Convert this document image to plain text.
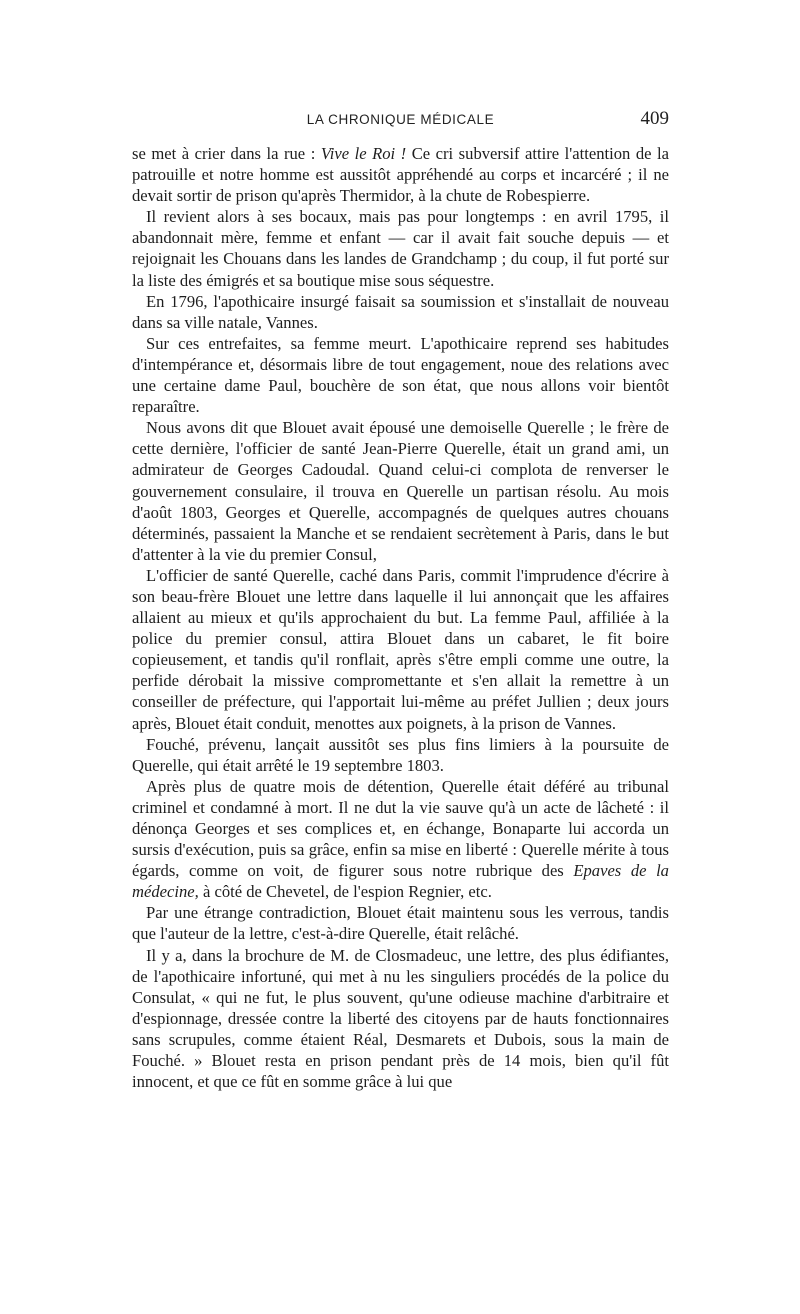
LA CHRONIQUE MÉDICALE	409

se met à crier dans la rue : Vive le Roi ! Ce cri subversif attire l'attention de la patrouille et notre homme est aussitôt appréhendé au corps et incarcéré ; il ne devait sortir de prison qu'après Thermidor, à la chute de Robespierre.

Il revient alors à ses bocaux, mais pas pour longtemps : en avril 1795, il abandonnait mère, femme et enfant — car il avait fait souche depuis — et rejoignait les Chouans dans les landes de Grandchamp ; du coup, il fut porté sur la liste des émigrés et sa boutique mise sous séquestre.

En 1796, l'apothicaire insurgé faisait sa soumission et s'installait de nouveau dans sa ville natale, Vannes.

Sur ces entrefaites, sa femme meurt. L'apothicaire reprend ses habitudes d'intempérance et, désormais libre de tout engagement, noue des relations avec une certaine dame Paul, bouchère de son état, que nous allons voir bientôt reparaître.

Nous avons dit que Blouet avait épousé une demoiselle Querelle ; le frère de cette dernière, l'officier de santé Jean-Pierre Querelle, était un grand ami, un admirateur de Georges Cadoudal. Quand celui-ci complota de renverser le gouvernement consulaire, il trouva en Querelle un partisan résolu. Au mois d'août 1803, Georges et Querelle, accompagnés de quelques autres chouans déterminés, passaient la Manche et se rendaient secrètement à Paris, dans le but d'attenter à la vie du premier Consul,

L'officier de santé Querelle, caché dans Paris, commit l'imprudence d'écrire à son beau-frère Blouet une lettre dans laquelle il lui annonçait que les affaires allaient au mieux et qu'ils approchaient du but. La femme Paul, affiliée à la police du premier consul, attira Blouet dans un cabaret, le fit boire copieusement, et tandis qu'il ronflait, après s'être empli comme une outre, la perfide dérobait la missive compromettante et s'en allait la remettre à un conseiller de préfecture, qui l'apportait lui-même au préfet Jullien ; deux jours après, Blouet était conduit, menottes aux poignets, à la prison de Vannes.

Fouché, prévenu, lançait aussitôt ses plus fins limiers à la poursuite de Querelle, qui était arrêté le 19 septembre 1803.

Après plus de quatre mois de détention, Querelle était déféré au tribunal criminel et condamné à mort. Il ne dut la vie sauve qu'à un acte de lâcheté : il dénonça Georges et ses complices et, en échange, Bonaparte lui accorda un sursis d'exécution, puis sa grâce, enfin sa mise en liberté : Querelle mérite à tous égards, comme on voit, de figurer sous notre rubrique des Epaves de la médecine, à côté de Chevetel, de l'espion Regnier, etc.

Par une étrange contradiction, Blouet était maintenu sous les verrous, tandis que l'auteur de la lettre, c'est-à-dire Querelle, était relâché.

Il y a, dans la brochure de M. de Closmadeuc, une lettre, des plus édifiantes, de l'apothicaire infortuné, qui met à nu les singuliers procédés de la police du Consulat, « qui ne fut, le plus souvent, qu'une odieuse machine d'arbitraire et d'espionnage, dressée contre la liberté des citoyens par de hauts fonctionnaires sans scrupules, comme étaient Réal, Desmarets et Dubois, sous la main de Fouché. » Blouet resta en prison pendant près de 14 mois, bien qu'il fût innocent, et que ce fût en somme grâce à lui que
